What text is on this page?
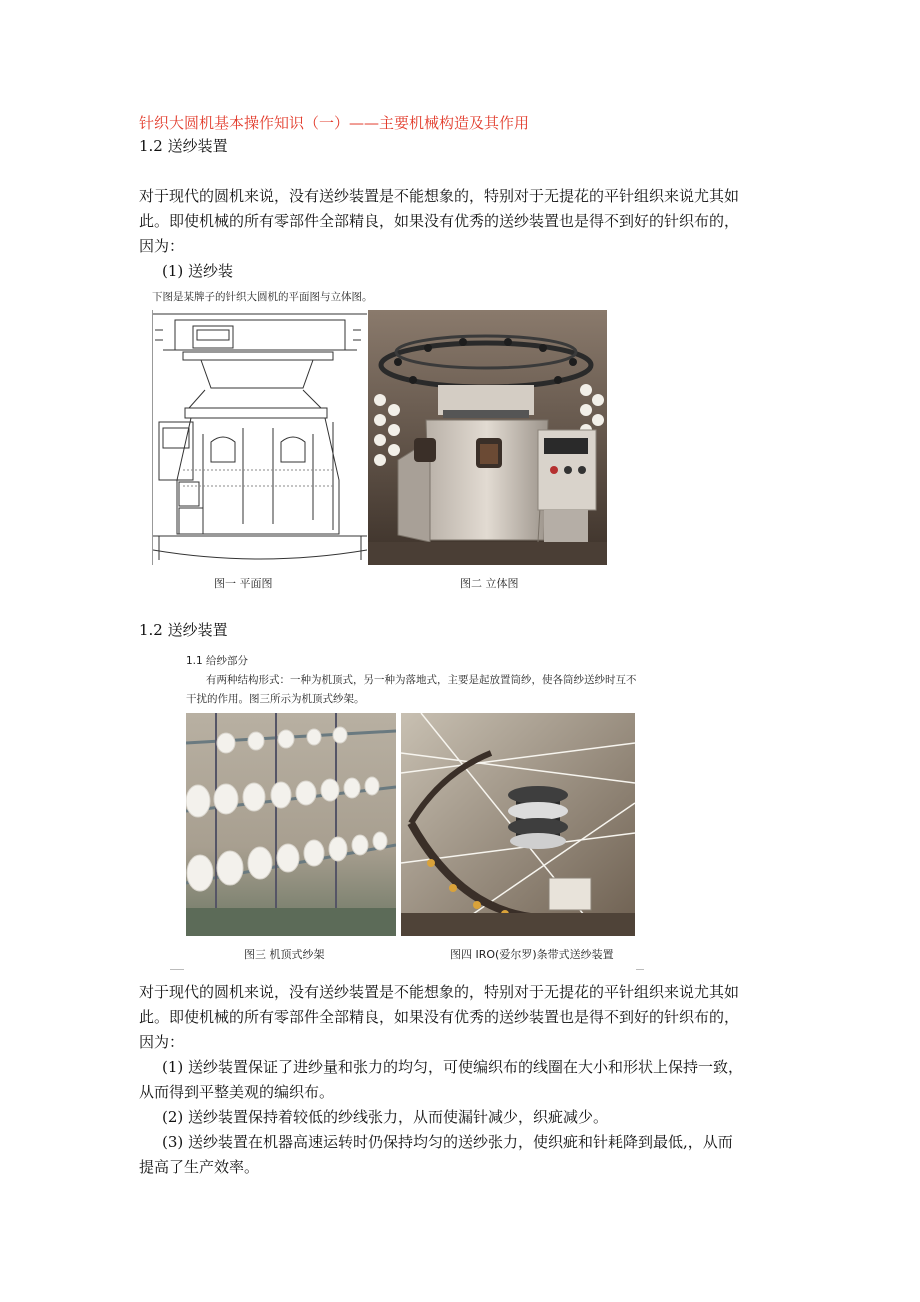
针织大圆机基本操作知识（一）——主要机械构造及其作用
1.2 送纱装置
对于现代的圆机来说，没有送纱装置是不能想象的，特别对于无提花的平针组织来说尤其如
此。即使机械的所有零部件全部精良，如果没有优秀的送纱装置也是得不到好的针织布的，
因为：
(1) 送纱装
下图是某牌子的针织大圆机的平面图与立体图。
图一 平面图	图二 立体图
1.2 送纱装置
1.1 给纱部分
有两种结构形式：一种为机顶式，另一种为落地式，主要是起放置筒纱，使各筒纱送纱时互不
干扰的作用。图三所示为机顶式纱架。
图三 机顶式纱架	图四 IRO(爱尔罗)条带式送纱装置
对于现代的圆机来说，没有送纱装置是不能想象的，特别对于无提花的平针组织来说尤其如
此。即使机械的所有零部件全部精良，如果没有优秀的送纱装置也是得不到好的针织布的，
因为：
(1) 送纱装置保证了进纱量和张力的均匀，可使编织布的线圈在大小和形状上保持一致，
从而得到平整美观的编织布。
(2) 送纱装置保持着较低的纱线张力，从而使漏针减少，织疵减少。
(3) 送纱装置在机器高速运转时仍保持均匀的送纱张力，使织疵和针耗降到最低,，从而
提高了生产效率。
